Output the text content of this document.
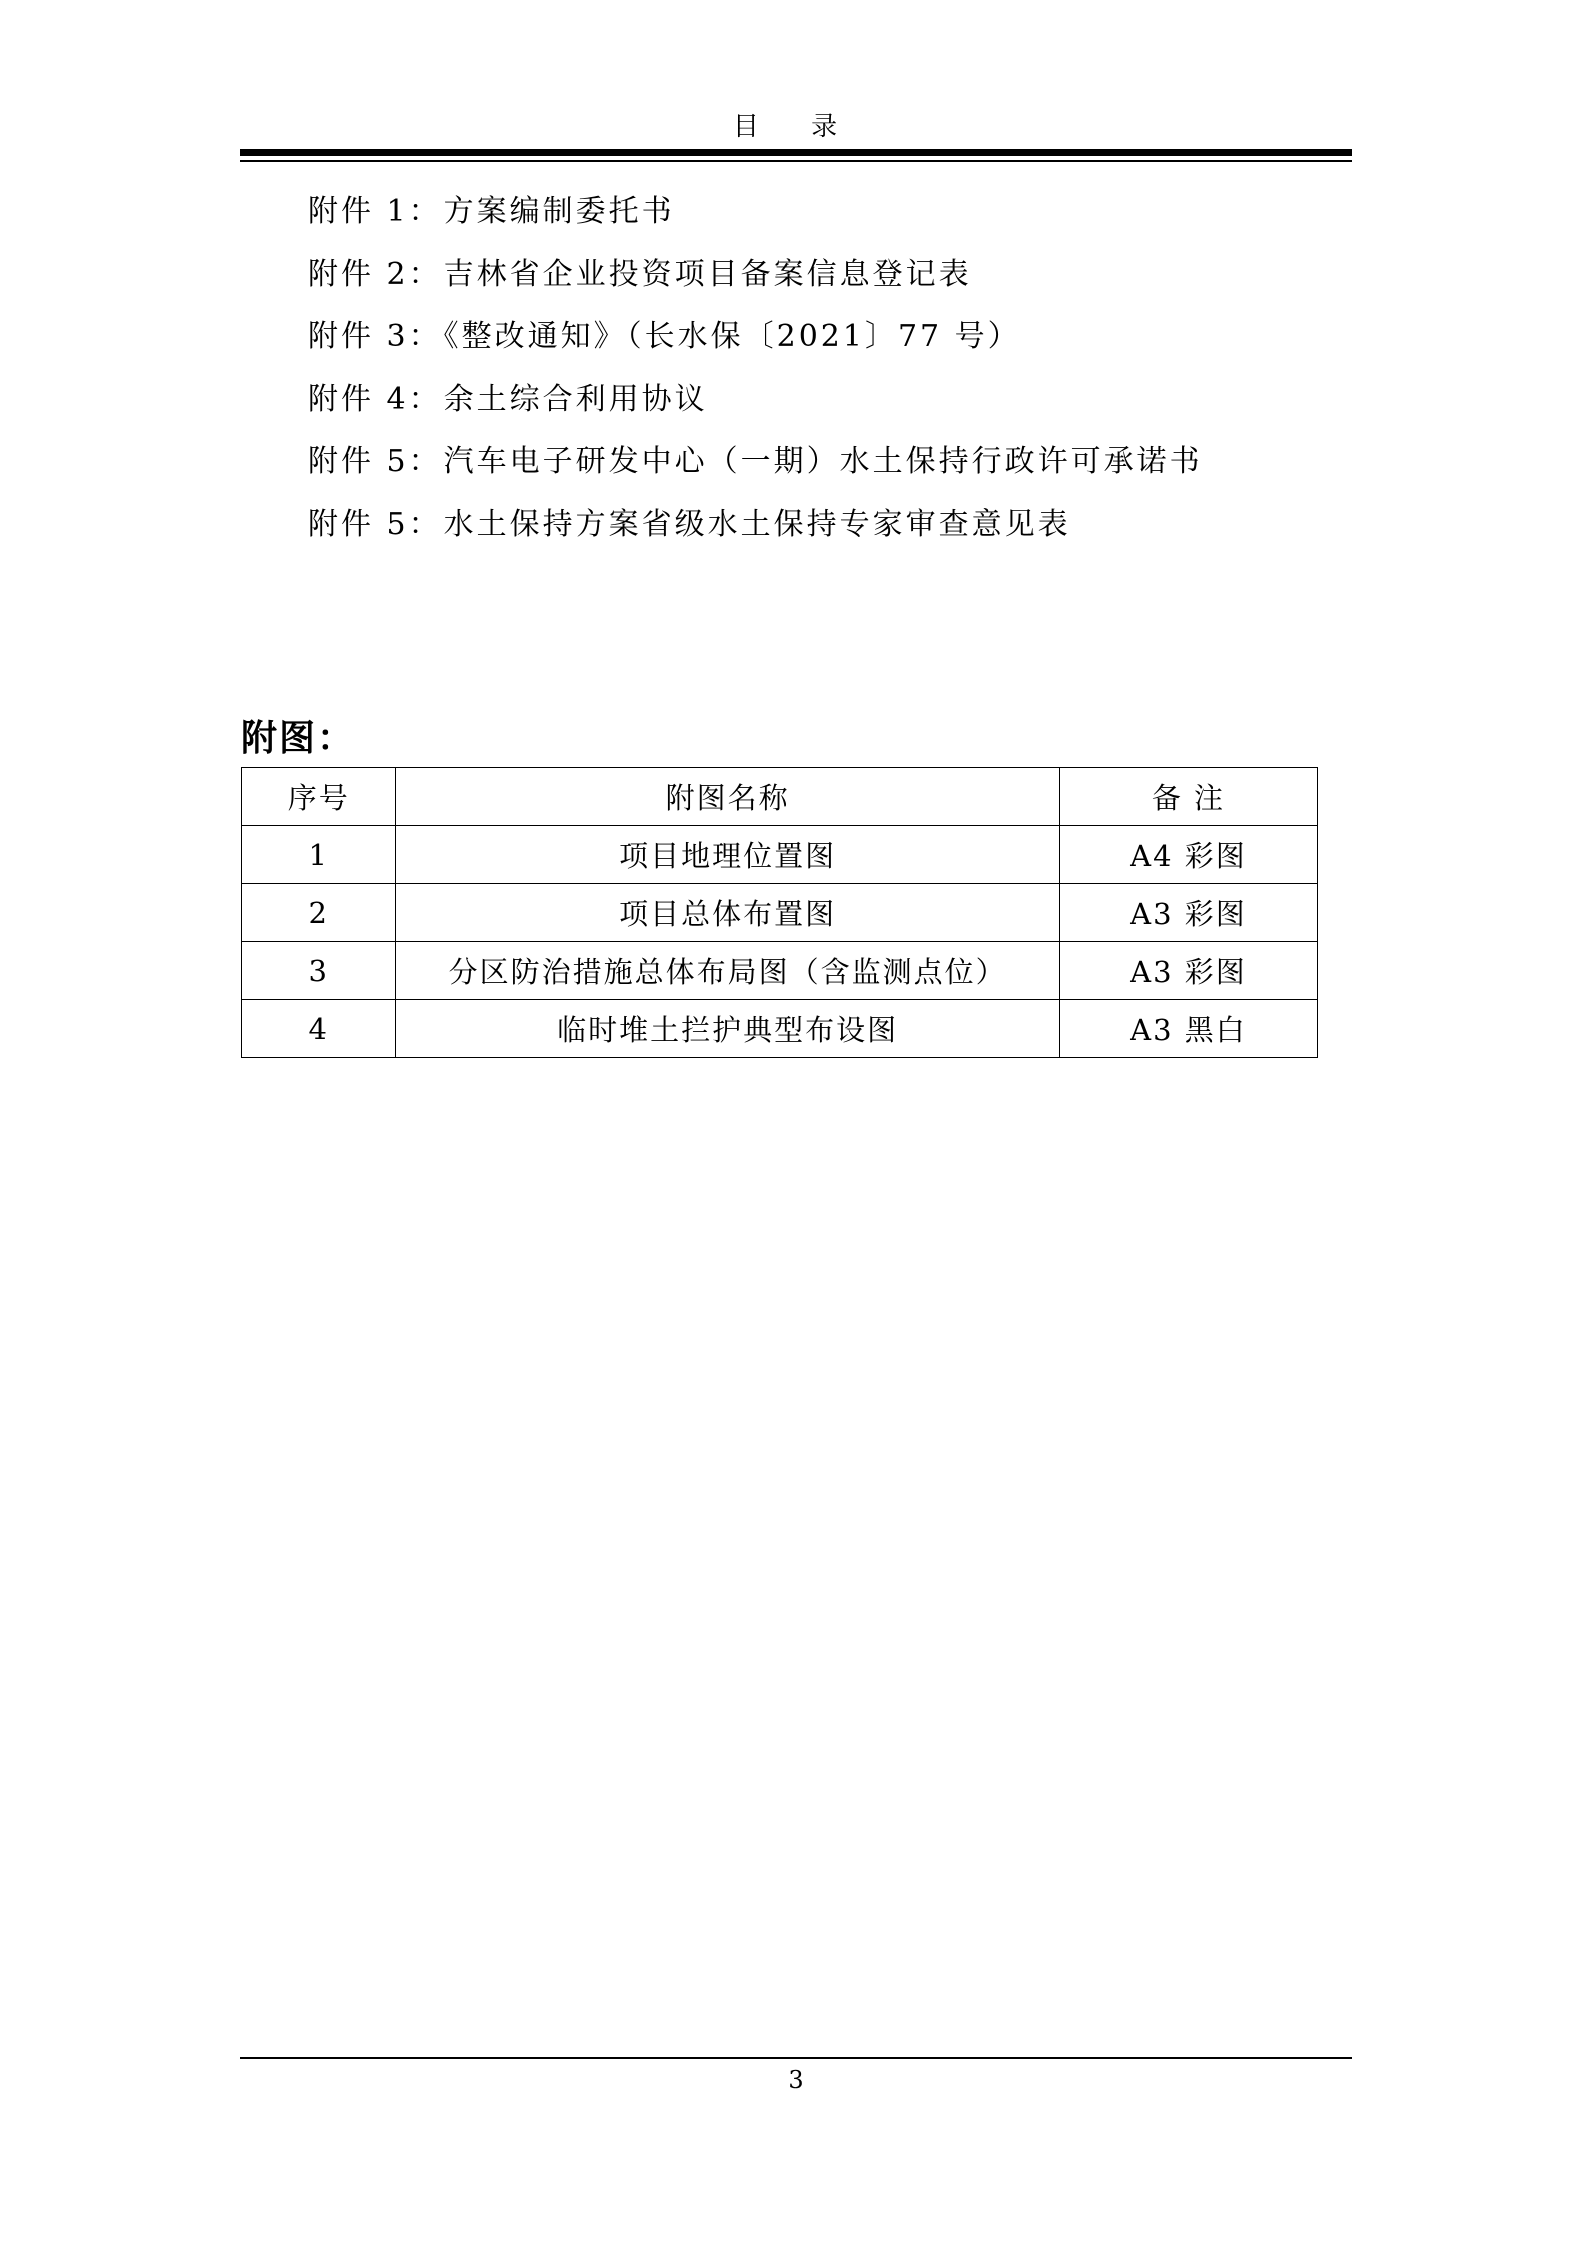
目 录
附件 1：方案编制委托书
附件 2：吉林省企业投资项目备案信息登记表
附件 3：《整改通知》（长水保〔2021〕77 号）
附件 4：余土综合利用协议
附件 5：汽车电子研发中心（一期）水土保持行政许可承诺书
附件 5：水土保持方案省级水土保持专家审查意见表
附图：
序号	附图名称	备 注
1	项目地理位置图	A4 彩图
2	项目总体布置图	A3 彩图
3	分区防治措施总体布局图（含监测点位）	A3 彩图
4	临时堆土拦护典型布设图	A3 黑白
3
